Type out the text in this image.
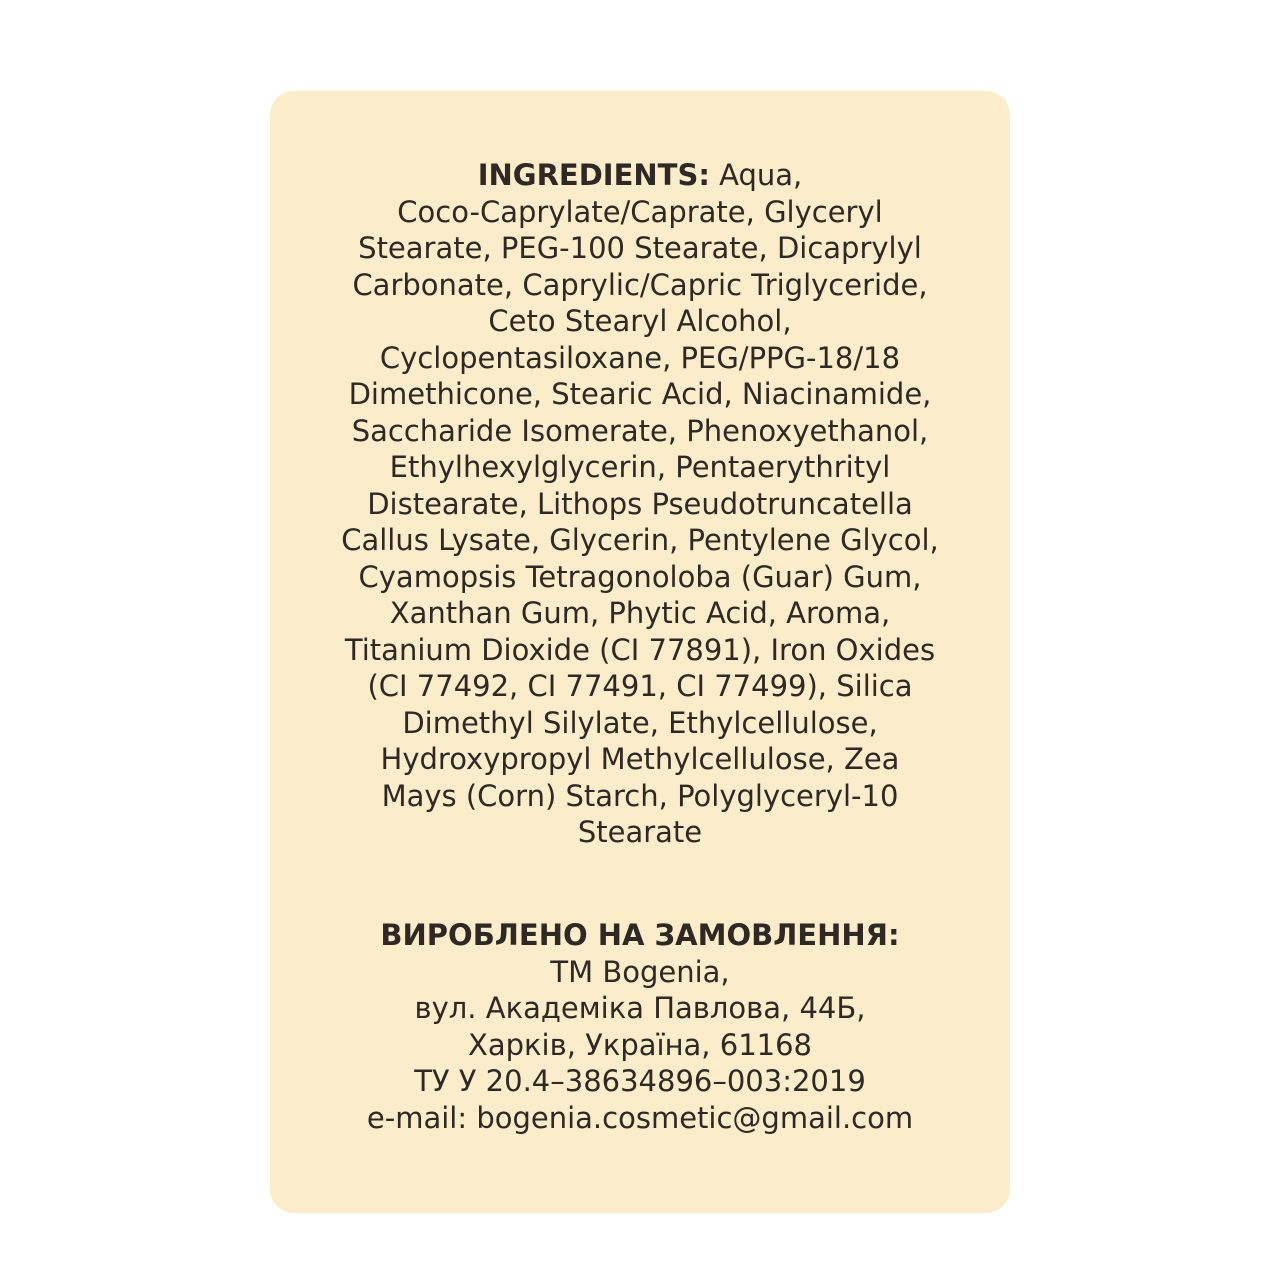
INGREDIENTS: Aqua,
Coco-Caprylate/Caprate, Glyceryl
Stearate, PEG-100 Stearate, Dicaprylyl
Carbonate, Caprylic/Capric Triglyceride,
Ceto Stearyl Alcohol,
Cyclopentasiloxane, PEG/PPG-18/18
Dimethicone, Stearic Acid, Niacinamide,
Saccharide Isomerate, Phenoxyethanol,
Ethylhexylglycerin, Pentaerythrityl
Distearate, Lithops Pseudotruncatella
Callus Lysate, Glycerin, Pentylene Glycol,
Cyamopsis Tetragonoloba (Guar) Gum,
Xanthan Gum, Phytic Acid, Aroma,
Titanium Dioxide (CI 77891), Iron Oxides
(CI 77492, CI 77491, CI 77499), Silica
Dimethyl Silylate, Ethylcellulose,
Hydroxypropyl Methylcellulose, Zea
Mays (Corn) Starch, Polyglyceryl-10
Stearate
ВИРОБЛЕНО НА ЗАМОВЛЕННЯ:
ТМ Bogenia,
вул. Академіка Павлова, 44Б,
Харків, Україна, 61168
ТУ У 20.4–38634896–003:2019
e-mail: bogenia.cosmetic@gmail.com
